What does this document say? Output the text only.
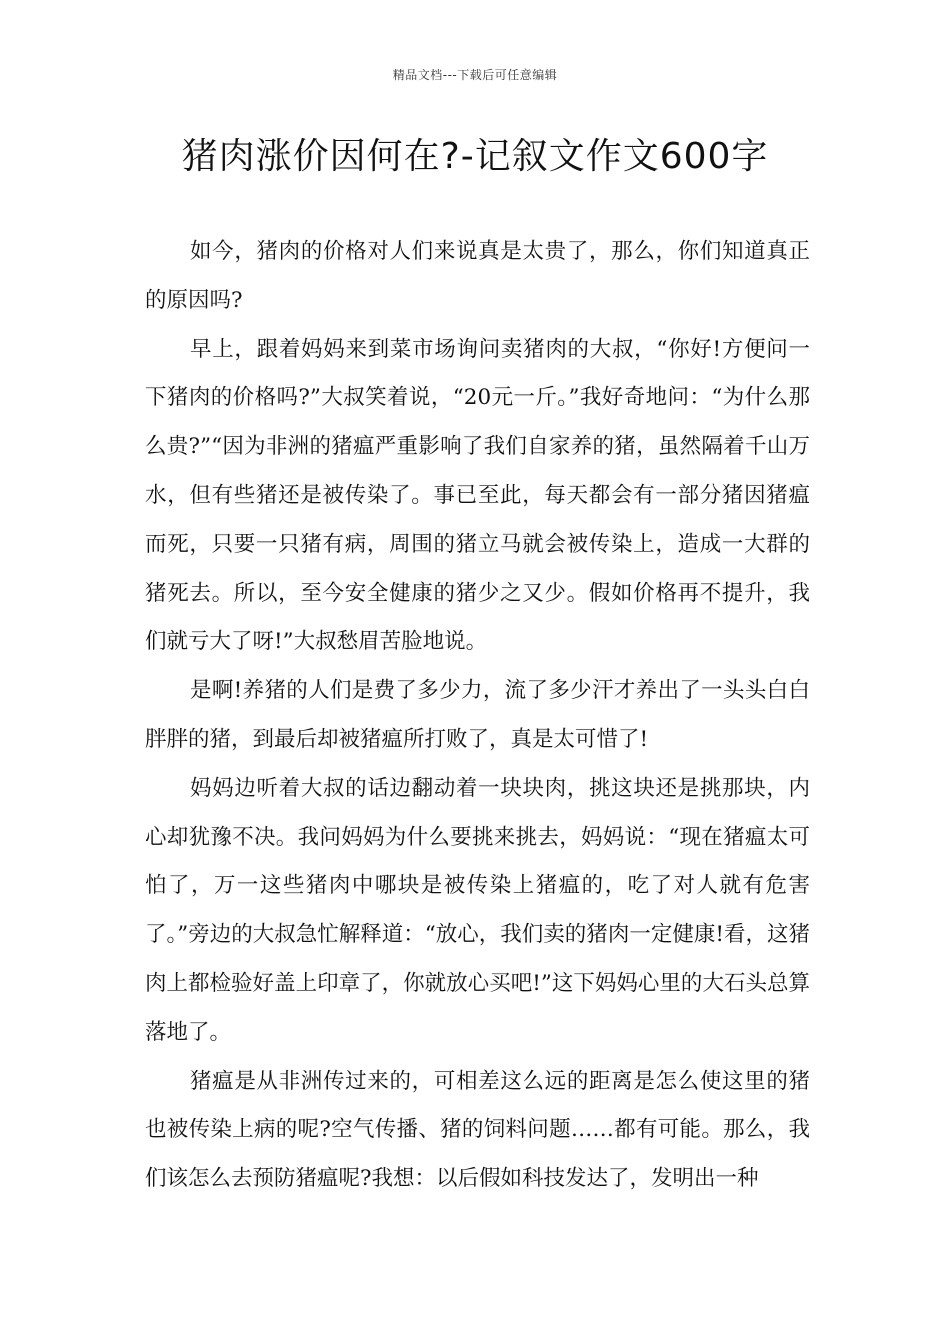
精品文档---下载后可任意编辑
猪肉涨价因何在?-记叙文作文600字

如今，猪肉的价格对人们来说真是太贵了，那么，你们知道真正的原因吗?

早上，跟着妈妈来到菜市场询问卖猪肉的大叔，“你好!方便问一下猪肉的价格吗?”大叔笑着说，“20元一斤。”我好奇地问：“为什么那么贵?”“因为非洲的猪瘟严重影响了我们自家养的猪，虽然隔着千山万水，但有些猪还是被传染了。事已至此，每天都会有一部分猪因猪瘟而死，只要一只猪有病，周围的猪立马就会被传染上，造成一大群的猪死去。所以，至今安全健康的猪少之又少。假如价格再不提升，我们就亏大了呀!”大叔愁眉苦脸地说。

是啊!养猪的人们是费了多少力，流了多少汗才养出了一头头白白胖胖的猪，到最后却被猪瘟所打败了，真是太可惜了!

妈妈边听着大叔的话边翻动着一块块肉，挑这块还是挑那块，内心却犹豫不决。我问妈妈为什么要挑来挑去，妈妈说：“现在猪瘟太可怕了，万一这些猪肉中哪块是被传染上猪瘟的，吃了对人就有危害了。”旁边的大叔急忙解释道：“放心，我们卖的猪肉一定健康!看，这猪肉上都检验好盖上印章了，你就放心买吧!”这下妈妈心里的大石头总算落地了。

猪瘟是从非洲传过来的，可相差这么远的距离是怎么使这里的猪也被传染上病的呢?空气传播、猪的饲料问题……都有可能。那么，我们该怎么去预防猪瘟呢?我想：以后假如科技发达了，发明出一种
